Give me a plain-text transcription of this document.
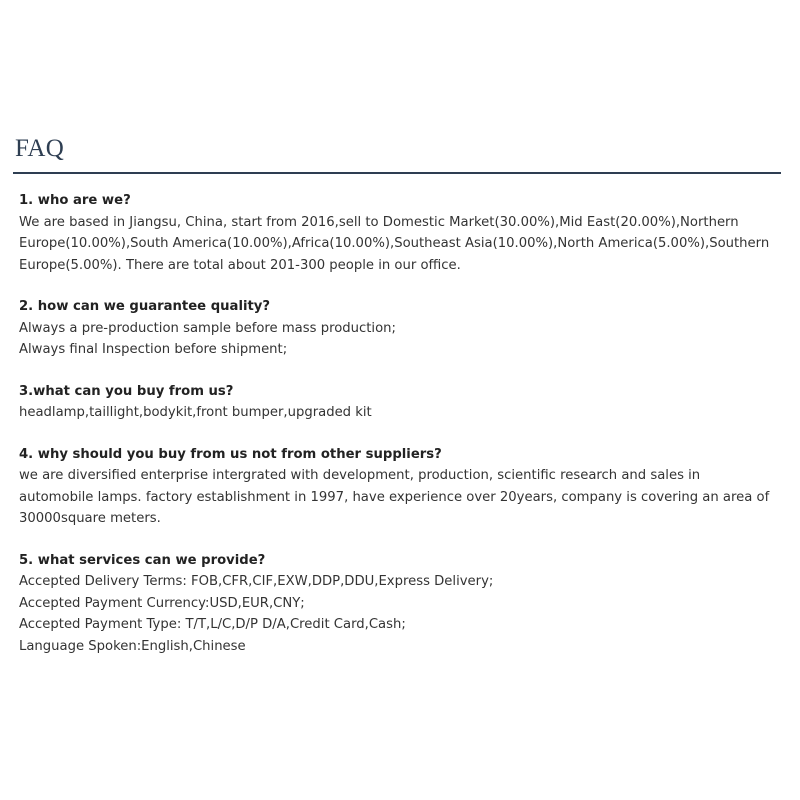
FAQ
1. who are we?
We are based in Jiangsu, China, start from 2016,sell to Domestic Market(30.00%),Mid East(20.00%),Northern
Europe(10.00%),South America(10.00%),Africa(10.00%),Southeast Asia(10.00%),North America(5.00%),Southern
Europe(5.00%). There are total about 201-300 people in our office.
2. how can we guarantee quality?
Always a pre-production sample before mass production;
Always final Inspection before shipment;
3.what can you buy from us?
headlamp,taillight,bodykit,front bumper,upgraded kit
4. why should you buy from us not from other suppliers?
we are diversified enterprise intergrated with development, production, scientific research and sales in
automobile lamps. factory establishment in 1997, have experience over 20years, company is covering an area of
30000square meters.
5. what services can we provide?
Accepted Delivery Terms: FOB,CFR,CIF,EXW,DDP,DDU,Express Delivery;
Accepted Payment Currency:USD,EUR,CNY;
Accepted Payment Type: T/T,L/C,D/P D/A,Credit Card,Cash;
Language Spoken:English,Chinese
